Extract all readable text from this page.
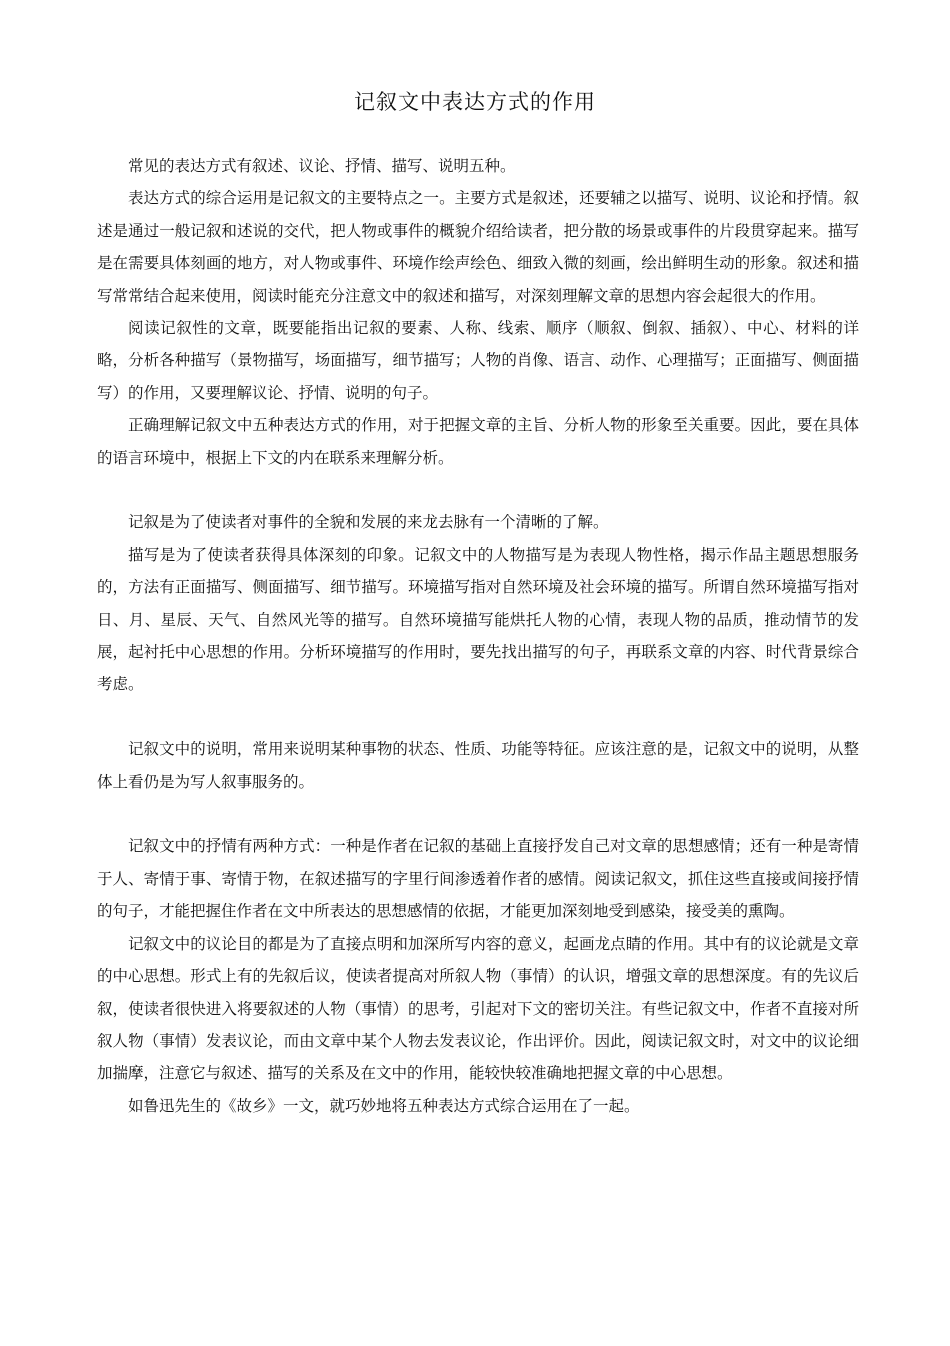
记叙文中表达方式的作用

常见的表达方式有叙述、议论、抒情、描写、说明五种。

表达方式的综合运用是记叙文的主要特点之一。主要方式是叙述，还要辅之以描写、说明、议论和抒情。叙述是通过一般记叙和述说的交代，把人物或事件的概貌介绍给读者，把分散的场景或事件的片段贯穿起来。描写是在需要具体刻画的地方，对人物或事件、环境作绘声绘色、细致入微的刻画，绘出鲜明生动的形象。叙述和描写常常结合起来使用，阅读时能充分注意文中的叙述和描写，对深刻理解文章的思想内容会起很大的作用。

阅读记叙性的文章，既要能指出记叙的要素、人称、线索、顺序（顺叙、倒叙、插叙）、中心、材料的详略，分析各种描写（景物描写，场面描写，细节描写；人物的肖像、语言、动作、心理描写；正面描写、侧面描写）的作用，又要理解议论、抒情、说明的句子。

正确理解记叙文中五种表达方式的作用，对于把握文章的主旨、分析人物的形象至关重要。因此，要在具体的语言环境中，根据上下文的内在联系来理解分析。

记叙是为了使读者对事件的全貌和发展的来龙去脉有一个清晰的了解。

描写是为了使读者获得具体深刻的印象。记叙文中的人物描写是为表现人物性格，揭示作品主题思想服务的，方法有正面描写、侧面描写、细节描写。环境描写指对自然环境及社会环境的描写。所谓自然环境描写指对日、月、星辰、天气、自然风光等的描写。自然环境描写能烘托人物的心情，表现人物的品质，推动情节的发展，起衬托中心思想的作用。分析环境描写的作用时，要先找出描写的句子，再联系文章的内容、时代背景综合考虑。

记叙文中的说明，常用来说明某种事物的状态、性质、功能等特征。应该注意的是，记叙文中的说明，从整体上看仍是为写人叙事服务的。

记叙文中的抒情有两种方式：一种是作者在记叙的基础上直接抒发自己对文章的思想感情；还有一种是寄情于人、寄情于事、寄情于物，在叙述描写的字里行间渗透着作者的感情。阅读记叙文，抓住这些直接或间接抒情的句子，才能把握住作者在文中所表达的思想感情的依据，才能更加深刻地受到感染，接受美的熏陶。

记叙文中的议论目的都是为了直接点明和加深所写内容的意义，起画龙点睛的作用。其中有的议论就是文章的中心思想。形式上有的先叙后议，使读者提高对所叙人物（事情）的认识，增强文章的思想深度。有的先议后叙，使读者很快进入将要叙述的人物（事情）的思考，引起对下文的密切关注。有些记叙文中，作者不直接对所叙人物（事情）发表议论，而由文章中某个人物去发表议论，作出评价。因此，阅读记叙文时，对文中的议论细加揣摩，注意它与叙述、描写的关系及在文中的作用，能较快较准确地把握文章的中心思想。

如鲁迅先生的《故乡》一文，就巧妙地将五种表达方式综合运用在了一起。
